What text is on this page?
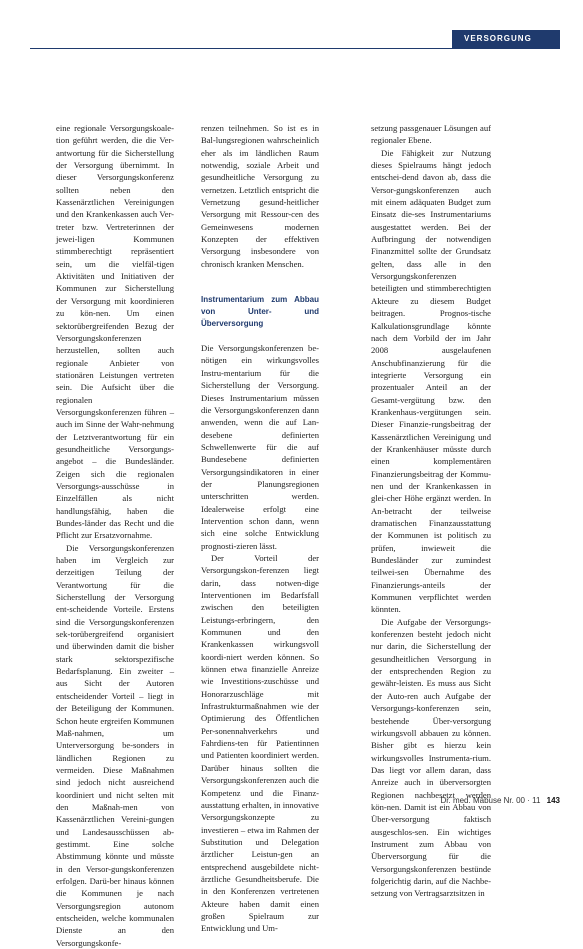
VERSORGUNG

eine regionale Versorgungskoale-tion geführt werden, die die Ver-antwortung für die Sicherstellung der Versorgung übernimmt. In dieser Versorgungskonferenz sollten neben den Kassenärztlichen Vereinigungen und den Krankenkassen auch Ver-treter bzw. Vertreterinnen der jewei-ligen Kommunen stimmberechtigt repräsentiert sein, um die vielfäl-tigen Aktivitäten und Initiativen der Kommunen zur Sicherstellung der Versorgung mit koordinieren zu kön-nen. Um einen sektorübergreifenden Bezug der Versorgungskonferenzen herzustellen, sollten auch regionale Anbieter von stationären Leistungen vertreten sein. Die Aufsicht über die regionalen Versorgungskonferenzen führen – auch im Sinne der Wahr-nehmung der Letztverantwortung für ein gesundheitliche Versorgungs-angebot – die Bundesländer. Zeigen sich die regionalen Versorgungs-ausschüsse in Einzelfällen als nicht handlungsfähig, haben die Bundes-länder das Recht und die Pflicht zur Ersatzvornahme.

Die Versorgungskonferenzen haben im Vergleich zur derzeitigen Teilung der Verantwortung für die Sicherstellung der Versorgung ent-scheidende Vorteile. Erstens sind die Versorgungskonferenzen sek-torübergreifend organisiert und überwinden damit die bisher stark sektorspezifische Bedarfsplanung. Ein zweiter – aus Sicht der Autoren entscheidender Vorteil – liegt in der Beteiligung der Kommunen. Schon heute ergreifen Kommunen Maß-nahmen, um Unterversorgung be-sonders in ländlichen Regionen zu vermeiden. Diese Maßnahmen sind jedoch nicht ausreichend koordiniert und nicht selten mit den Maßnah-men von Kassenärztlichen Vereini-gungen und Landesausschüssen ab-gestimmt. Eine solche Abstimmung könnte und müsste in den Versor-gungskonferenzen erfolgen. Darü-ber hinaus können die Kommunen je nach Versorgungsregion autonom entscheiden, welche kommunalen Dienste an den Versorgungskonfe-

renzen teilnehmen. So ist es in Bal-lungsregionen wahrscheinlich eher als im ländlichen Raum notwendig, soziale Arbeit und gesundheitliche Versorgung zu vernetzen. Letztlich entspricht die Vernetzung gesund-heitlicher Versorgung mit Ressour-cen des Gemeinwesens modernen Konzepten der effektiven Versorgung insbesondere von chronisch kranken Menschen.

Instrumentarium zum Abbau von Unter- und Überversorgung

Die Versorgungskonferenzen be-nötigen ein wirkungsvolles Instru-mentarium für die Sicherstellung der Versorgung. Dieses Instrumentarium müssen die Versorgungskonferenzen dann anwenden, wenn die auf Lan-desebene definierten Schwellenwerte für die auf Bundesebene definierten Versorgungsindikatoren in einer der Planungsregionen unterschritten werden. Idealerweise erfolgt eine Intervention schon dann, wenn sich eine solche Entwicklung prognosti-zieren lässt.

Der Vorteil der Versorgungskon-ferenzen liegt darin, dass notwen-dige Interventionen im Bedarfsfall zwischen den beteiligten Leistungs-erbringern, den Kommunen und den Krankenkassen wirkungsvoll koordi-niert werden können. So können etwa finanzielle Anreize wie Investitions-zuschüsse und Honorarzuschläge mit Infrastrukturmaßnahmen wie der Optimierung des Öffentlichen Per-sonennahverkehrs und Fahrdiens-ten für Patientinnen und Patienten koordiniert werden. Darüber hinaus sollten die Versorgungskonferenzen auch die Kompetenz und die Finanz-ausstattung erhalten, in innovative Versorgungskonzepte zu investieren – etwa im Rahmen der Substitution und Delegation ärztlicher Leistun-gen an entsprechend ausgebildete nicht-ärztliche Gesundheitsberufe. Die in den Konferenzen vertretenen Akteure haben damit einen großen Spielraum zur Entwicklung und Um-

setzung passgenauer Lösungen auf regionaler Ebene.

Die Fähigkeit zur Nutzung dieses Spielraums hängt jedoch entschei-dend davon ab, dass die Versor-gungskonferenzen auch mit einem adäquaten Budget zum Einsatz die-ses Instrumentariums ausgestattet werden. Bei der Aufbringung der notwendigen Finanzmittel sollte der Grundsatz gelten, dass alle in den Versorgungskonferenzen beteiligten und stimmberechtigten Akteure zu diesem Budget beitragen. Prognos-tische Kalkulationsgrundlage könnte nach dem Vorbild der im Jahr 2008 ausgelaufenen Anschubfinanzierung für die integrierte Versorgung ein prozentualer Anteil an der Gesamt-vergütung bzw. den Krankenhaus-vergütungen sein. Dieser Finanzie-rungsbeitrag der Kassenärztlichen Vereinigung und der Krankenhäuser müsste durch einen komplementären Finanzierungsbeitrag der Kommu-nen und der Krankenkassen in glei-cher Höhe ergänzt werden. In An-betracht der teilweise dramatischen Finanzausstattung der Kommunen ist politisch zu prüfen, inwieweit die Bundesländer zur zumindest teilwei-sen Übernahme des Finanzierungs-anteils der Kommunen verpflichtet werden könnten.

Die Aufgabe der Versorgungs-konferenzen besteht jedoch nicht nur darin, die Sicherstellung der gesundheitlichen Versorgung in der entsprechenden Region zu gewähr-leisten. Es muss aus Sicht der Auto-ren auch Aufgabe der Versorgungs-konferenzen sein, bestehende Über-versorgung wirkungsvoll abbauen zu können. Bisher gibt es hierzu kein wirkungsvolles Instrumenta-rium. Das liegt vor allem daran, dass Anreize auch in überversorgten Regionen nachbesetzt werden kön-nen. Damit ist ein Abbau von Über-versorgung faktisch ausgeschlos-sen. Ein wichtiges Instrument zum Abbau von Überversorgung für die Versorgungskonferenzen bestünde folgerichtig darin, auf die Nachbe-setzung von Vertragsarztsitzen in

Dr. med. Mabuse Nr. 00 · 11 143
